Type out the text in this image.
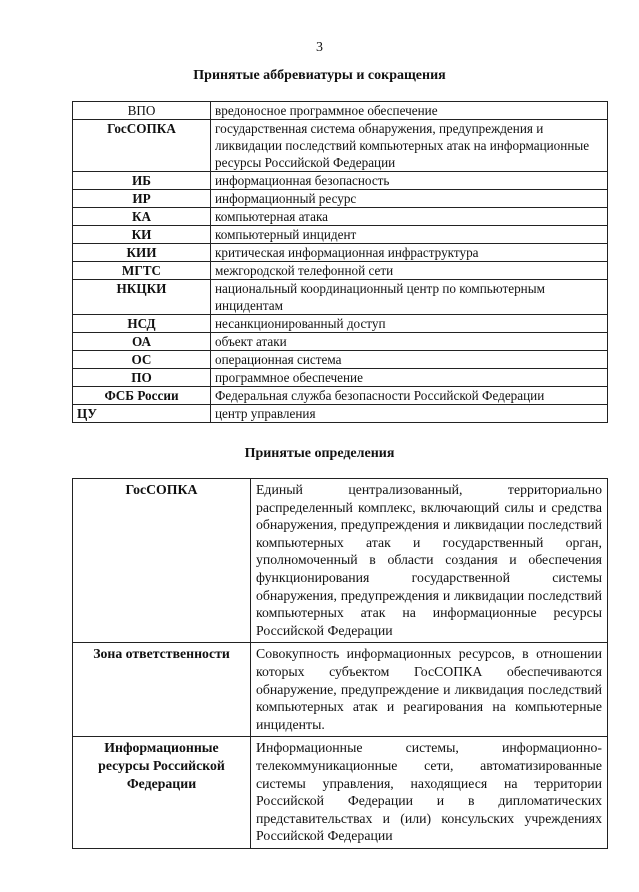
3
Принятые аббревиатуры и сокращения
ВПО	вредоносное программное обеспечение
ГосСОПКА	государственная система обнаружения, предупреждения и ликвидации последствий компьютерных атак на информационные ресурсы Российской Федерации
ИБ	информационная безопасность
ИР	информационный ресурс
КА	компьютерная атака
КИ	компьютерный инцидент
КИИ	критическая информационная инфраструктура
МГТС	межгородской телефонной сети
НКЦКИ	национальный координационный центр по компьютерным инцидентам
НСД	несанкционированный доступ
ОА	объект атаки
ОС	операционная система
ПО	программное обеспечение
ФСБ России	Федеральная служба безопасности Российской Федерации
ЦУ	центр управления
Принятые определения
ГосСОПКА	Единый централизованный, территориально распределенный комплекс, включающий силы и средства обнаружения, предупреждения и ликвидации последствий компьютерных атак и государственный орган, уполномоченный в области создания и обеспечения функционирования государственной системы обнаружения, предупреждения и ликвидации последствий компьютерных атак на информационные ресурсы Российской Федерации
Зона ответственности	Совокупность информационных ресурсов, в отношении которых субъектом ГосСОПКА обеспечиваются обнаружение, предупреждение и ликвидация последствий компьютерных атак и реагирования на компьютерные инциденты.
Информационные ресурсы Российской Федерации	Информационные системы, информационно-телекоммуникационные сети, автоматизированные системы управления, находящиеся на территории Российской Федерации и в дипломатических представительствах и (или) консульских учреждениях Российской Федерации
